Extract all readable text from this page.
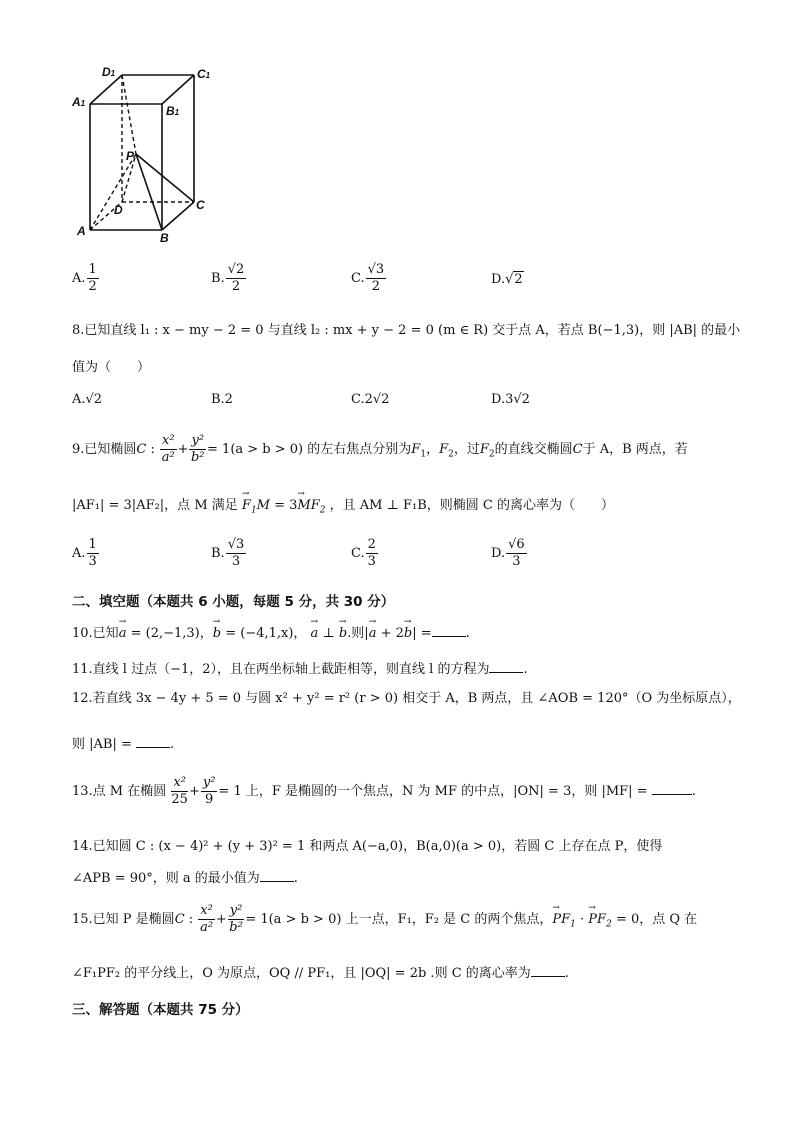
D1	C1
A1
B1
P
D	C
A	B
A. $\frac{1}{2}$	B. $\frac{√2}{2}$	C. $\frac{√3}{2}$	D.√2
8.已知直线 l₁ : x − my − 2 = 0 与直线 l₂ : mx + y − 2 = 0 (m ∈ R) 交于点 A，若点 B(−1,3)，则 |AB| 的最小
值为（　　）
A.√2	B.2	C.2√2	D.3√2
9.已知椭圆C : $\frac{\text{x²}}{\text{a²}} + \frac{\text{y²}}{\text{b²}} = 1(a > b > 0)$ 的左右焦点分别为$F_1$，$F_2$，过$F_2$的直线交椭圆C于 A，B 两点，若
|AF₁| = 3|AF₂|，点 M 满足 → $F_1M = 3\to MF_2$ ，且 AM ⊥ F₁B，则椭圆 C 的离心率为（　　）
A. $\frac{1}{3}$	B. $\frac{√3}{3}$	C. $\frac{2}{3}$	D. $\frac{√6}{3}$
二、填空题（本题共 6 小题，每题 5 分，共 30 分）
10.已知→ a = (2,−1,3)，→ b = (−4,1,x)， → a ⊥ → b.则|→ a + 2→ b| =	.
11.直线 l 过点（−1，2），且在两坐标轴上截距相等，则直线 l 的方程为	.
12.若直线 3x − 4y + 5 = 0 与圆 x² + y² = r² (r > 0) 相交于 A，B 两点，且 ∠AOB = 120°（O 为坐标原点），
则 |AB| =	.
13.点 M 在椭圆 $\frac{\text{x²}}{25} + \frac{\text{y²}}{9} = 1$ 上，F 是椭圆的一个焦点，N 为 MF 的中点，|ON| = 3，则 |MF| =	.
14.已知圆 C : (x − 4)² + (y + 3)² = 1 和两点 A(−a,0)，B(a,0)(a > 0)，若圆 C 上存在点 P，使得
∠APB = 90°，则 a 的最小值为	.
15.已知 P 是椭圆C : $\frac{\text{x²}}{\text{a²}} + \frac{\text{y²}}{\text{b²}} = 1(a > b > 0)$ 上一点，F₁，F₂ 是 C 的两个焦点，→ $PF_1$ · → $PF_2 = 0$，点 Q 在
∠F₁PF₂ 的平分线上，O 为原点，OQ // PF₁，且 |OQ| = 2b .则 C 的离心率为	.
三、解答题（本题共 75 分）
